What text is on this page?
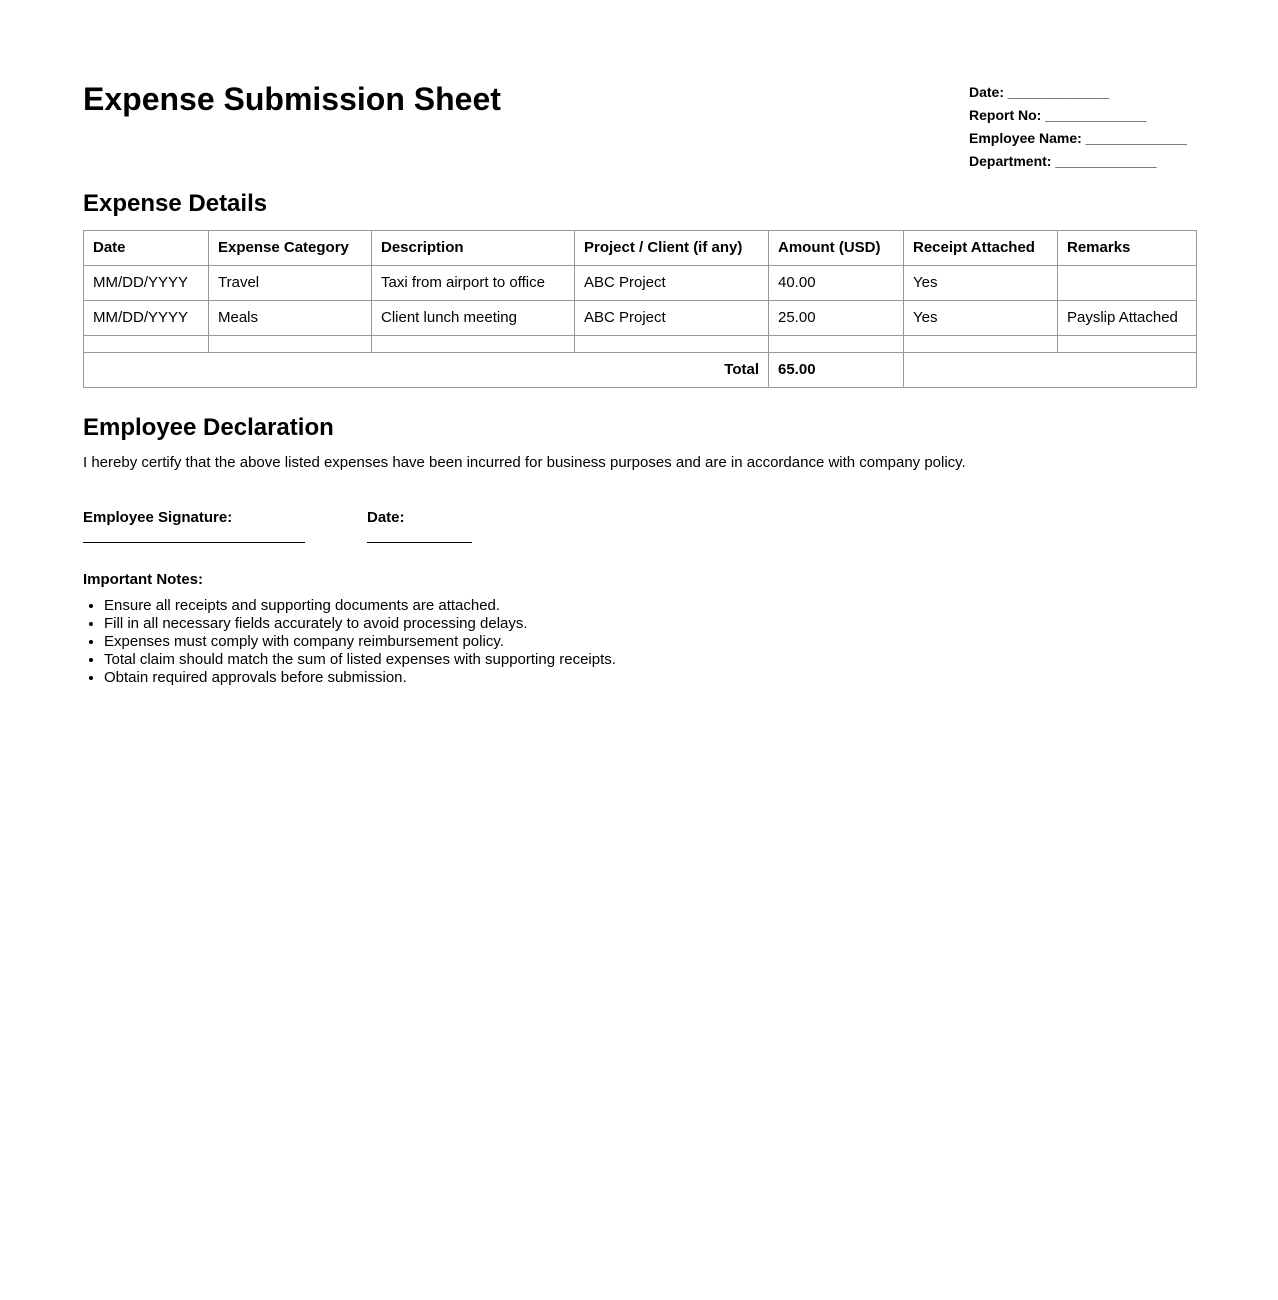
Expense Submission Sheet	Date: _____________
Report No: _____________
Employee Name: _____________
Department: _____________
Expense Details
Date	Expense Category	Description	Project / Client (if any)	Amount (USD)	Receipt Attached	Remarks
MM/DD/YYYY	Travel	Taxi from airport to office	ABC Project	40.00	Yes	
MM/DD/YYYY	Meals	Client lunch meeting	ABC Project	25.00	Yes	Payslip Attached

Total				65.00		
Employee Declaration

I hereby certify that the above listed expenses have been incurred for business purposes and are in accordance with company policy.

Employee Signature:	Date:
Important Notes:
• Ensure all receipts and supporting documents are attached.
• Fill in all necessary fields accurately to avoid processing delays.
• Expenses must comply with company reimbursement policy.
• Total claim should match the sum of listed expenses with supporting receipts.
• Obtain required approvals before submission.
